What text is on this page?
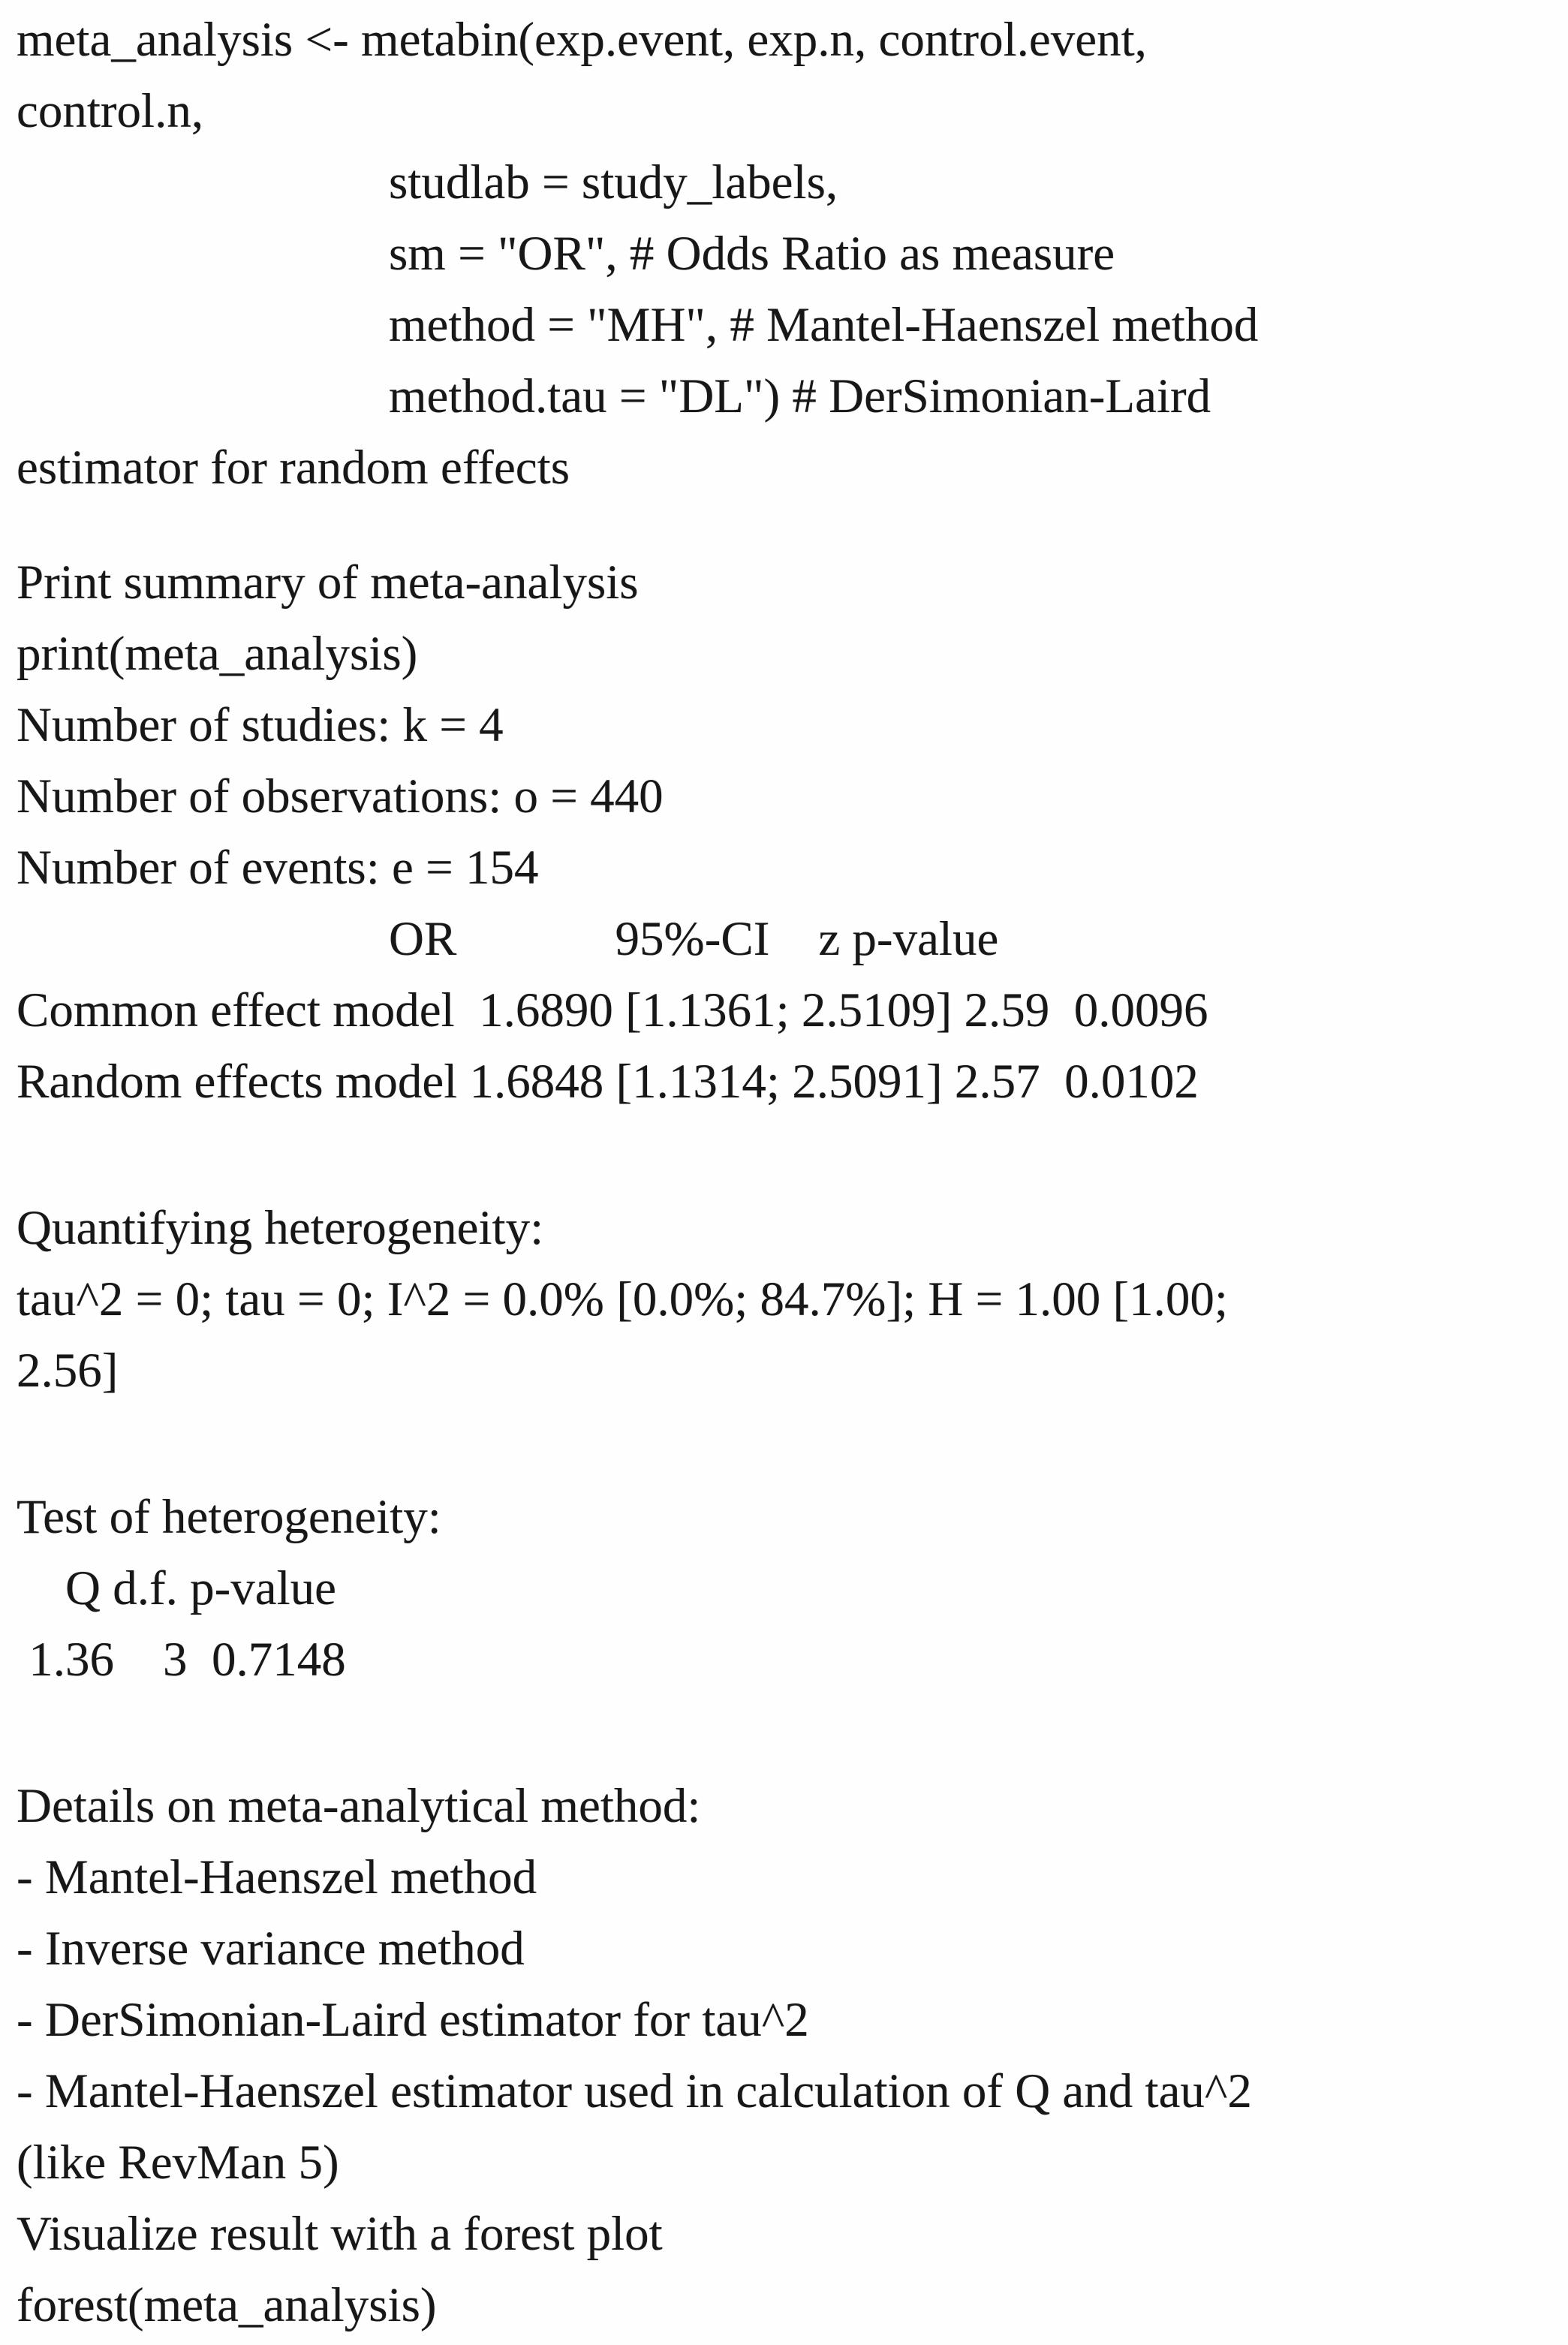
meta_analysis <- metabin(exp.event, exp.n, control.event,
control.n,
studlab = study_labels,
sm = "OR", # Odds Ratio as measure
method = "MH", # Mantel-Haenszel method
method.tau = "DL") # DerSimonian-Laird
estimator for random effects
Print summary of meta-analysis
print(meta_analysis)
Number of studies: k = 4
Number of observations: o = 440
Number of events: e = 154
OR             95%-CI    z p-value
Common effect model  1.6890 [1.1361; 2.5109] 2.59  0.0096
Random effects model 1.6848 [1.1314; 2.5091] 2.57  0.0102
Quantifying heterogeneity:
tau^2 = 0; tau = 0; I^2 = 0.0% [0.0%; 84.7%]; H = 1.00 [1.00;
2.56]
Test of heterogeneity:
Q d.f. p-value
1.36    3  0.7148
Details on meta-analytical method:
- Mantel-Haenszel method
- Inverse variance method
- DerSimonian-Laird estimator for tau^2
- Mantel-Haenszel estimator used in calculation of Q and tau^2
(like RevMan 5)
Visualize result with a forest plot
forest(meta_analysis)
